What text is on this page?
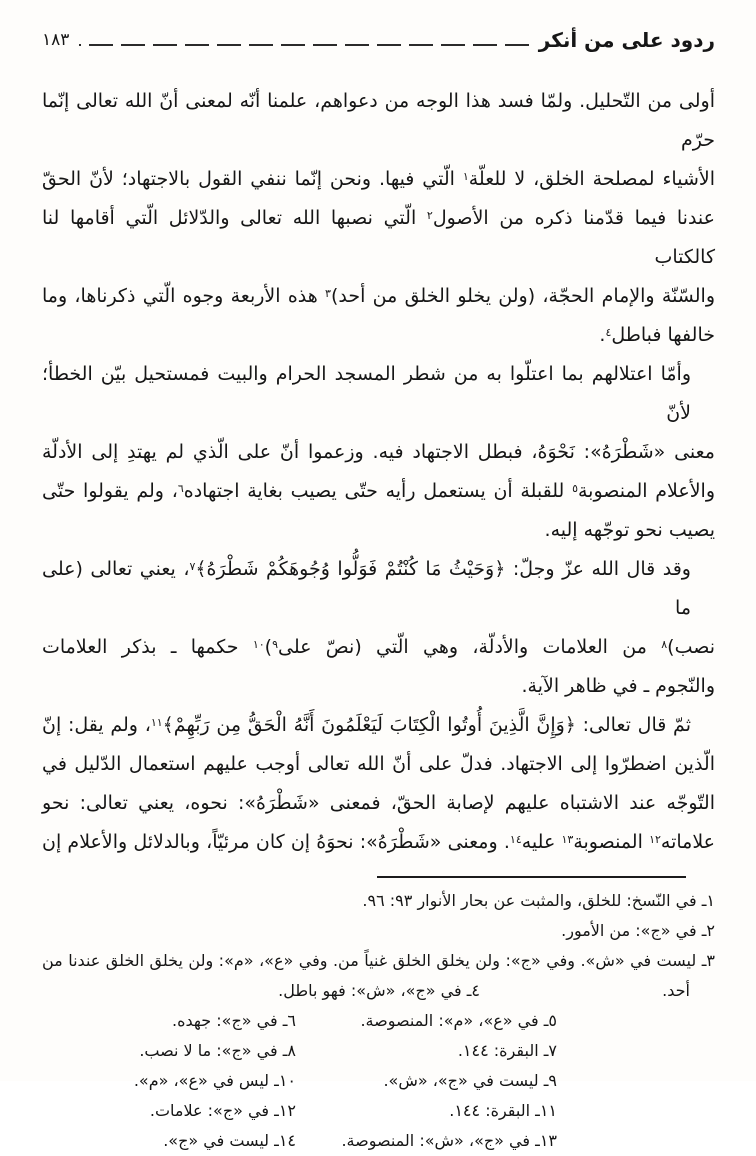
ردود على من أنكر
١٨٣
أولى من التّحليل. ولمّا فسد هذا الوجه من دعواهم، علمنا أنّه لمعنى أنّ الله تعالى إنّما حرّم
الأشياء لمصلحة الخلق، لا للعلّة$^١$ الّتي فيها. ونحن إنّما ننفي القول بالاجتهاد؛ لأنّ الحقّ
عندنا فيما قدّمنا ذكره من الأصول$^٢$ الّتي نصبها الله تعالى والدّلائل الّتي أقامها لنا كالكتاب
والسّنّة والإمام الحجّة، (ولن يخلو الخلق من أحد)$^٣$ هذه الأربعة وجوه الّتي ذكرناها، وما
خالفها فباطل$^٤$.
وأمّا اعتلالهم بما اعتلّوا به من شطر المسجد الحرام والبيت فمستحيل بيّن الخطأ؛ لأنّ
معنى «شَطْرَهُ»: نَحْوَهُ، فبطل الاجتهاد فيه. وزعموا أنّ على الّذي لم يهتدِ إلى الأدلّة
والأعلام المنصوبة$^٥$ للقبلة أن يستعمل رأيه حتّى يصيب بغاية اجتهاده$^٦$، ولم يقولوا حتّى
يصيب نحو توجّهه إليه.
وقد قال الله عزّ وجلّ: ﴿وَحَيْثُ مَا كُنْتُمْ فَوَلُّوا وُجُوهَكُمْ شَطْرَهُ﴾$^٧$، يعني تعالى (على ما
نصب)$^٨$ من العلامات والأدلّة، وهي الّتي (نصّ على$^٩$)$^{١٠}$ حكمها ـ بذكر العلامات
والنّجوم ـ في ظاهر الآية.
ثمّ قال تعالى: ﴿وَإِنَّ الَّذِينَ أُوتُوا الْكِتَابَ لَيَعْلَمُونَ أَنَّهُ الْحَقُّ مِن رَبِّهِمْ﴾$^{١١}$، ولم يقل: إنّ
الّذين اضطرّوا إلى الاجتهاد. فدلّ على أنّ الله تعالى أوجب عليهم استعمال الدّليل في
التّوجّه عند الاشتباه عليهم لإصابة الحقّ، فمعنى «شَطْرَهُ»: نحوه، يعني تعالى: نحو
علاماته$^{١٢}$ المنصوبة$^{١٣}$ عليه$^{١٤}$. ومعنى «شَطْرَهُ»: نحوَهُ إن كان مرئيّاً، وبالدلائل والأعلام إن
١ـ في النّسخ: للخلق، والمثبت عن بحار الأنوار ٩٣: ٩٦.
٢ـ في «ج»: من الأمور.
٣ـ ليست في «ش». وفي «ج»: ولن يخلق الخلق غنياً من. وفي «ع»، «م»: ولن يخلق الخلق عندنا من
أحد.
٤ـ في «ج»، «ش»: فهو باطل.
٥ـ في «ع»، «م»: المنصوصة.
٦ـ في «ج»: جهده.
٧ـ البقرة: ١٤٤.
٨ـ في «ج»: ما لا نصب.
٩ـ ليست في «ج»، «ش».
١٠ـ ليس في «ع»، «م».
١١ـ البقرة: ١٤٤.
١٢ـ في «ج»: علامات.
١٣ـ في «ج»، «ش»: المنصوصة.
١٤ـ ليست في «ج».
